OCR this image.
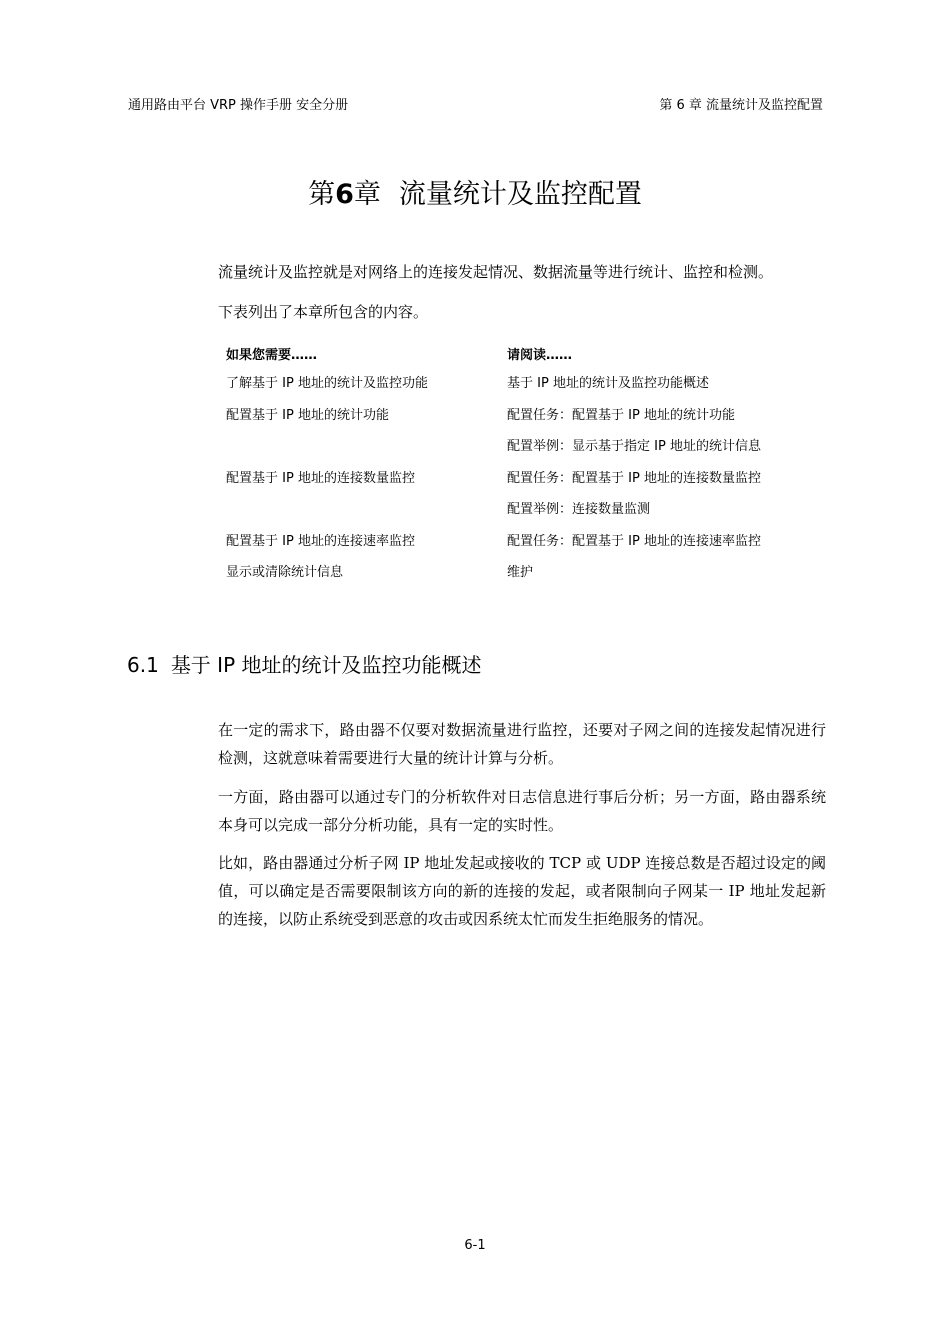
通用路由平台 VRP 操作手册 安全分册	第 6 章 流量统计及监控配置
第6章 流量统计及监控配置
流量统计及监控就是对网络上的连接发起情况、数据流量等进行统计、监控和检测。
下表列出了本章所包含的内容。
如果您需要……	请阅读……
了解基于 IP 地址的统计及监控功能	基于 IP 地址的统计及监控功能概述
配置基于 IP 地址的统计功能	配置任务：配置基于 IP 地址的统计功能
配置举例：显示基于指定 IP 地址的统计信息
配置基于 IP 地址的连接数量监控	配置任务：配置基于 IP 地址的连接数量监控
配置举例：连接数量监测
配置基于 IP 地址的连接速率监控	配置任务：配置基于 IP 地址的连接速率监控
显示或清除统计信息	维护
6.1 基于 IP 地址的统计及监控功能概述
在一定的需求下，路由器不仅要对数据流量进行监控，还要对子网之间的连接发起情况进行检测，这就意味着需要进行大量的统计计算与分析。
一方面，路由器可以通过专门的分析软件对日志信息进行事后分析；另一方面，路由器系统本身可以完成一部分分析功能，具有一定的实时性。
比如，路由器通过分析子网 IP 地址发起或接收的 TCP 或 UDP 连接总数是否超过设定的阈值，可以确定是否需要限制该方向的新的连接的发起，或者限制向子网某一 IP 地址发起新的连接，以防止系统受到恶意的攻击或因系统太忙而发生拒绝服务的情况。
6-1
